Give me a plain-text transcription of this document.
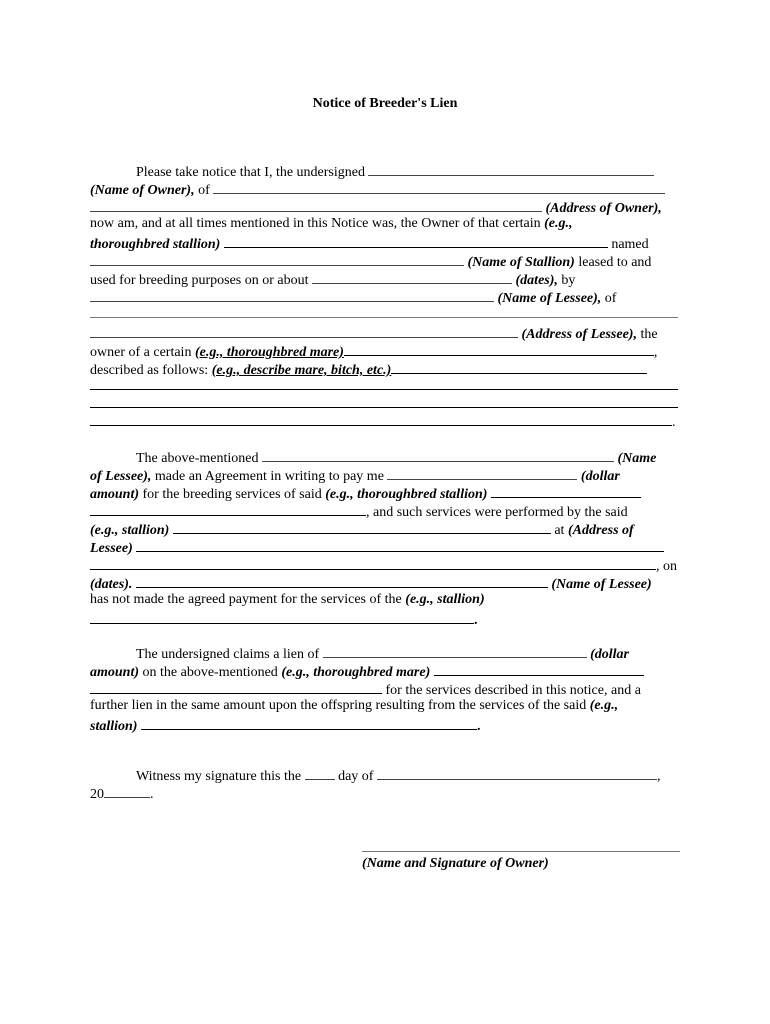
Notice of Breeder's Lien
Please take notice that I, the undersigned
(Name of Owner), of
(Address of Owner),
now am, and at all times mentioned in this Notice was, the Owner of that certain (e.g.,
thoroughbred stallion)	named
(Name of Stallion) leased to and
used for breeding purposes on or about	(dates), by
(Name of Lessee), of
(Address of Lessee), the
owner of a certain (e.g., thoroughbred mare)	,
described as follows: (e.g., describe mare, bitch, etc.)
.
The above-mentioned	(Name
of Lessee), made an Agreement in writing to pay me	(dollar
amount) for the breeding services of said (e.g., thoroughbred stallion)
, and such services were performed by the said
(e.g., stallion)	at (Address of
Lessee)
, on
(dates).	(Name of Lessee)
has not made the agreed payment for the services of the (e.g., stallion)
.
The undersigned claims a lien of	(dollar
amount) on the above-mentioned (e.g., thoroughbred mare)
for the services described in this notice, and a
further lien in the same amount upon the offspring resulting from the services of the said (e.g.,
stallion)	.
Witness my signature this the	day of	,
20	.
(Name and Signature of Owner)
